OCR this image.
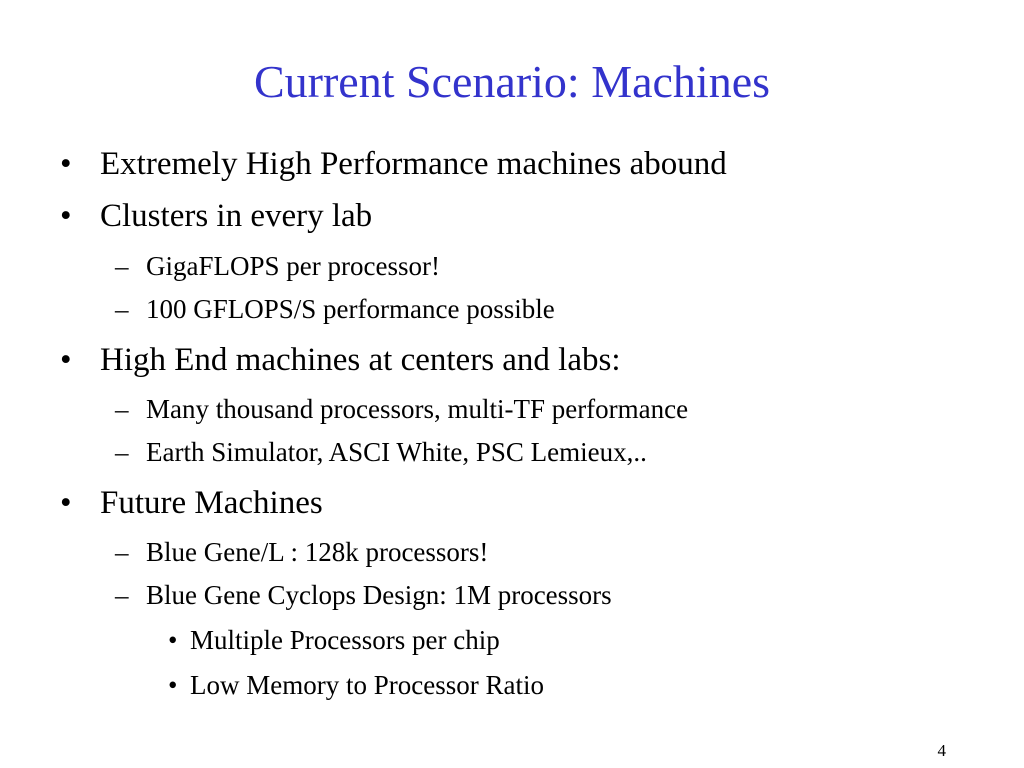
Current Scenario: Machines
• Extremely High Performance machines abound
• Clusters in every lab
– GigaFLOPS per processor!
– 100 GFLOPS/S performance possible
• High End machines at centers and labs:
– Many thousand processors, multi-TF performance
– Earth Simulator, ASCI White, PSC Lemieux,..
• Future Machines
– Blue Gene/L : 128k processors!
– Blue Gene Cyclops Design: 1M processors
• Multiple Processors per chip
• Low Memory to Processor Ratio
4
